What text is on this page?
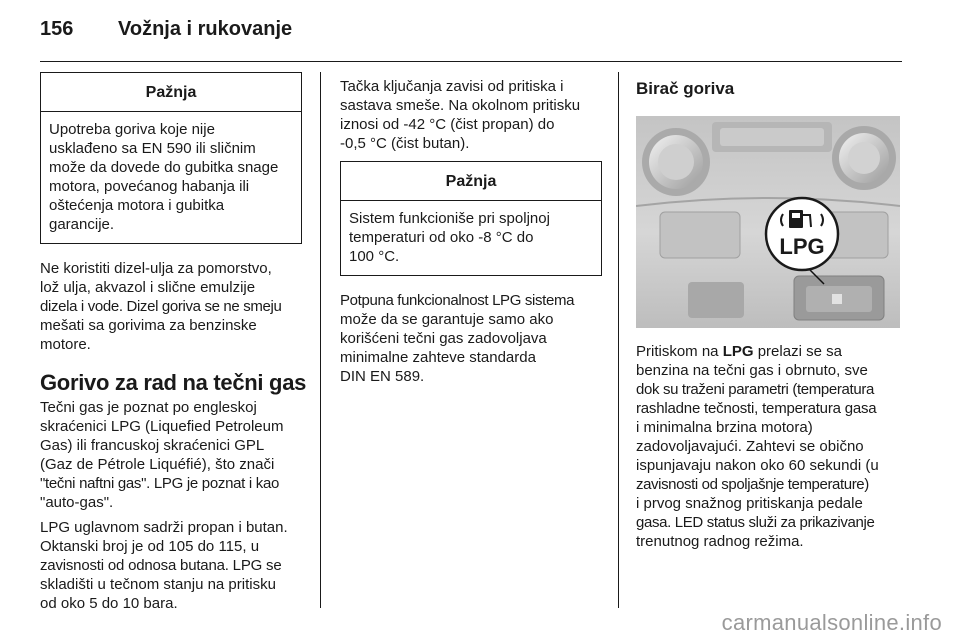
156 Vožnja i rukovanje
Pažnja
Upotreba goriva koje nije
usklađeno sa EN 590 ili sličnim
može da dovede do gubitka snage
motora, povećanog habanja ili
oštećenja motora i gubitka
garancije.

Ne koristiti dizel-ulja za pomorstvo,
lož ulja, akvazol i slične emulzije
dizela i vode. Dizel goriva se ne smeju
mešati sa gorivima za benzinske
motore.

Gorivo za rad na tečni gas

Tečni gas je poznat po engleskoj
skraćenici LPG (Liquefied Petroleum
Gas) ili francuskoj skraćenici GPL
(Gaz de Pétrole Liquéfié), što znači
"tečni naftni gas". LPG je poznat i kao
"auto-gas".

LPG uglavnom sadrži propan i butan.
Oktanski broj je od 105 do 115, u
zavisnosti od odnosa butana. LPG se
skladišti u tečnom stanju na pritisku
od oko 5 do 10 bara.

Tačka ključanja zavisi od pritiska i
sastava smeše. Na okolnom pritisku
iznosi od -42 °C (čist propan) do
-0,5 °C (čist butan).

Pažnja
Sistem funkcioniše pri spoljnoj
temperaturi od oko -8 °C do
100 °C.

Potpuna funkcionalnost LPG sistema
može da se garantuje samo ako
korišćeni tečni gas zadovoljava
minimalne zahteve standarda
DIN EN 589.

Birač goriva
LPG

Pritiskom na LPG prelazi se sa
benzina na tečni gas i obrnuto, sve
dok su traženi parametri (temperatura
rashladne tečnosti, temperatura gasa
i minimalna brzina motora)
zadovoljavajući. Zahtevi se obično
ispunjavaju nakon oko 60 sekundi (u
zavisnosti od spoljašnje temperature)
i prvog snažnog pritiskanja pedale
gasa. LED status služi za prikazivanje
trenutnog radnog režima.

carmanualsonline.info
